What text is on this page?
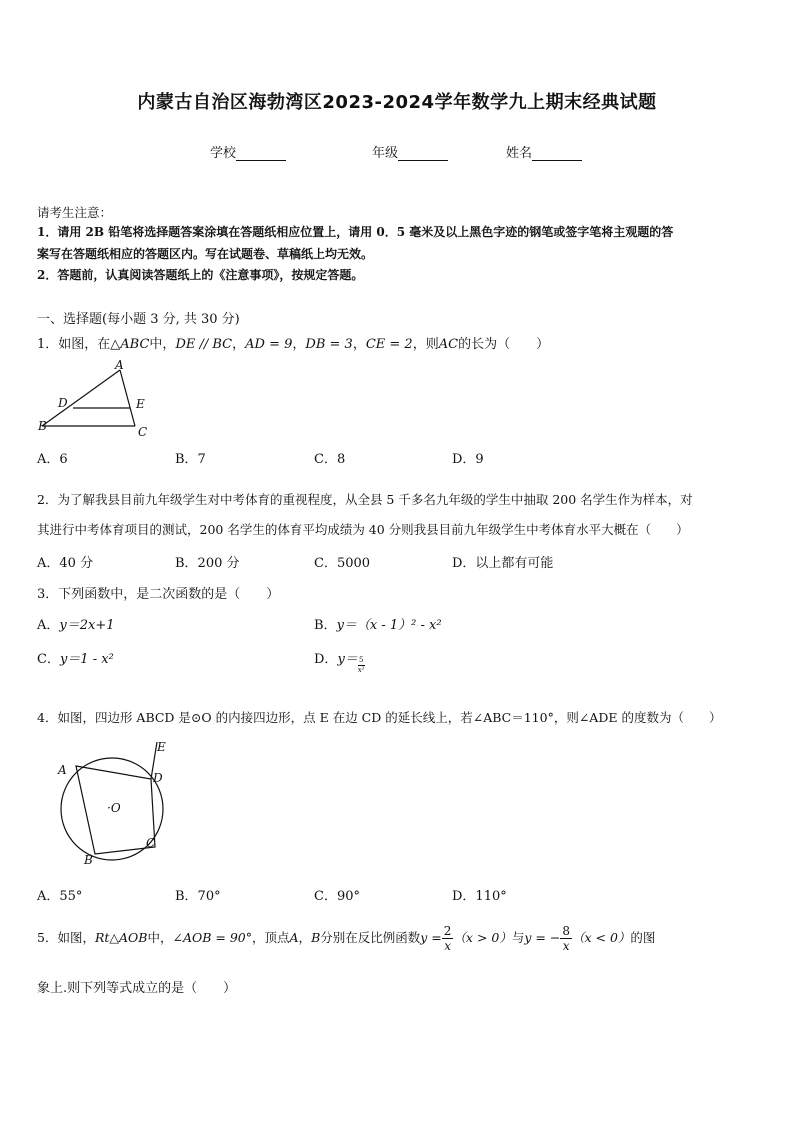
内蒙古自治区海勃湾区2023-2024学年数学九上期末经典试题
学校	年级	姓名
请考生注意：
1．请用 2B 铅笔将选择题答案涂填在答题纸相应位置上，请用 0．5 毫米及以上黑色字迹的钢笔或签字笔将主观题的答
案写在答题纸相应的答题区内。写在试题卷、草稿纸上均无效。
2．答题前，认真阅读答题纸上的《注意事项》，按规定答题。
一、选择题(每小题 3 分, 共 30 分)
1．如图，在△ABC中，DE // BC，AD = 9，DB = 3，CE = 2，则AC的长为（　　）
A
D	E
B	C
A．6	B．7	C．8	D．9
2．为了解我县目前九年级学生对中考体育的重视程度，从全县 5 千多名九年级的学生中抽取 200 名学生作为样本，对
其进行中考体育项目的测试，200 名学生的体育平均成绩为 40 分则我县目前九年级学生中考体育水平大概在（　　）
A．40 分	B．200 分	C．5000	D．以上都有可能
3．下列函数中，是二次函数的是（　　）
A．y＝2x+1	B．y＝（x - 1）² - x²
C．y＝1 - x²	D．$y= \frac{5}{\text{x²}}$
4．如图，四边形 ABCD 是⊙O 的内接四边形，点 E 在边 CD 的延长线上，若∠ABC＝110°，则∠ADE 的度数为（　　）
A
B
C
D
E
·O
A．55°	B．70°	C．90°	D．110°
5．如图，Rt△AOB中，∠AOB = 90°，顶点A，B分别在反比例函数$y = \frac{2}{x} (x > 0)$与y = − $\frac{8}{x} (x < 0)$的图
象上.则下列等式成立的是（　　）
